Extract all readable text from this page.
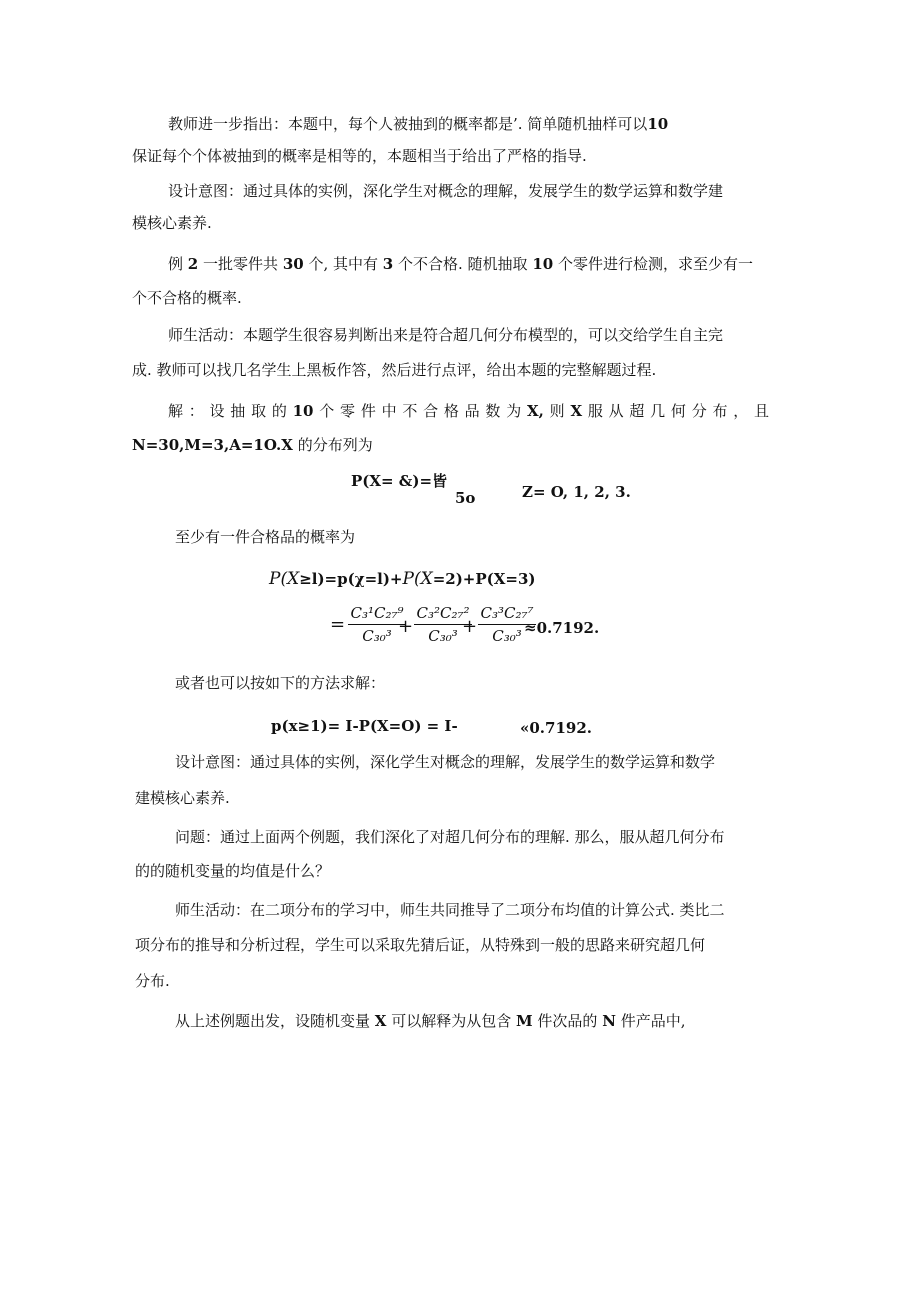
教师进一步指出：本题中，每个人被抽到的概率都是’. 简单随机抽样可以10
保证每个个体被抽到的概率是相等的，本题相当于给出了严格的指导.
设计意图：通过具体的实例，深化学生对概念的理解，发展学生的数学运算和数学建
模核心素养.
例 2 一批零件共 30 个, 其中有 3 个不合格. 随机抽取 10 个零件进行检测，求至少有一
个不合格的概率.
师生活动：本题学生很容易判断出来是符合超几何分布模型的，可以交给学生自主完
成. 教师可以找几名学生上黑板作答，然后进行点评，给出本题的完整解题过程.
解 ： 设 抽 取 的 10 个 零 件 中 不 合 格 品 数 为 X, 则 X 服 从 超 几 何 分 布 ， 且
N=30,M=3,A=1O.X 的分布列为
P(X= &)=皆
5o	Z= O, 1, 2, 3.
至少有一件合格品的概率为
P(X≥l)=p(χ=l)+P(X=2)+P(X=3)
=
C₃¹C₂₇⁹
C₃₀³ +
C₃²C₂₇²
C₃₀³ +
C₃³C₂₇⁷
C₃₀³ ≈0.7192.
或者也可以按如下的方法求解：
p(x≥1)= I-P(X=O) = I-	«0.7192.
设计意图：通过具体的实例，深化学生对概念的理解，发展学生的数学运算和数学
建模核心素养.
问题：通过上面两个例题，我们深化了对超几何分布的理解. 那么，服从超几何分布
的的随机变量的均值是什么？
师生活动：在二项分布的学习中，师生共同推导了二项分布均值的计算公式. 类比二
项分布的推导和分析过程，学生可以采取先猜后证，从特殊到一般的思路来研究超几何
分布.
从上述例题出发，设随机变量 X 可以解释为从包含 M 件次品的 N 件产品中,
